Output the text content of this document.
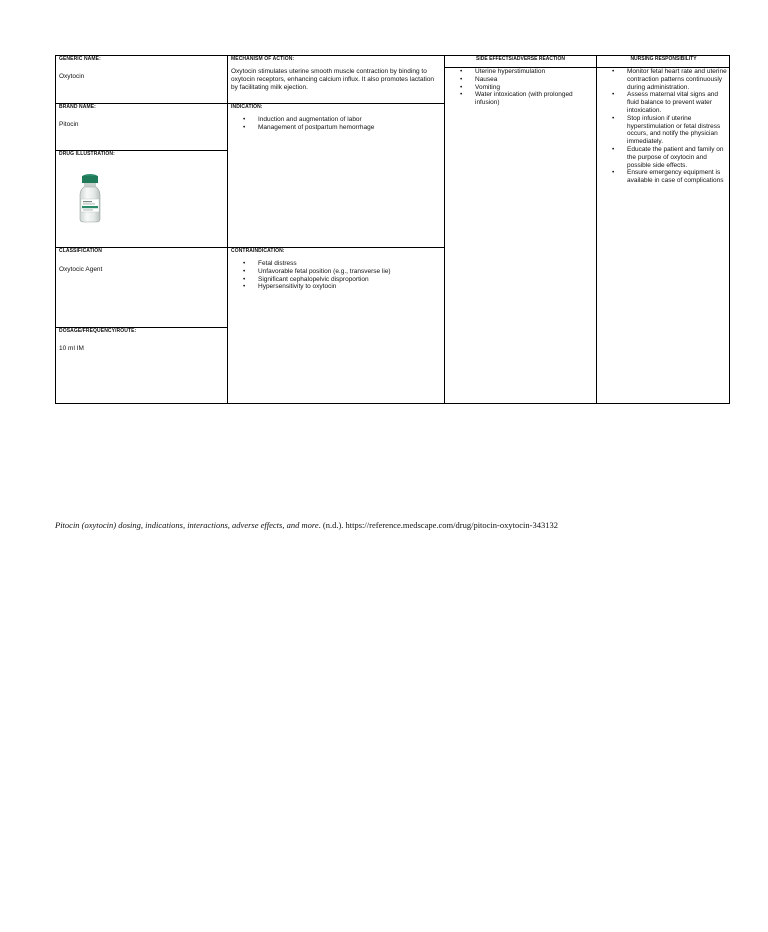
GENERIC NAME:
Oxytocin
BRAND NAME:
Pitocin
DRUG ILLUSTRATION:
CLASSIFICATION
Oxytocic Agent
DOSAGE/FREQUENCY/ROUTE:
10 ml IM
MECHANISM OF ACTION:
Oxytocin stimulates uterine smooth muscle contraction by binding to oxytocin receptors, enhancing calcium influx. It also promotes lactation by facilitating milk ejection.
INDICATION:
• Induction and augmentation of labor
• Management of postpartum hemorrhage
CONTRAINDICATION:
• Fetal distress
• Unfavorable fetal position (e.g., transverse lie)
• Significant cephalopelvic disproportion
• Hypersensitivity to oxytocin
SIDE EFFECTS/ADVERSE REACTION
• Uterine hyperstimulation
• Nausea
• Vomiting
• Water intoxication (with prolonged infusion)
NURSING RESPONSIBILITY
• Monitor fetal heart rate and uterine contraction patterns continuously during administration.
• Assess maternal vital signs and fluid balance to prevent water intoxication.
• Stop infusion if uterine hyperstimulation or fetal distress occurs, and notify the physician immediately.
• Educate the patient and family on the purpose of oxytocin and possible side effects.
• Ensure emergency equipment is available in case of complications
Pitocin (oxytocin) dosing, indications, interactions, adverse effects, and more. (n.d.). https://reference.medscape.com/drug/pitocin-oxytocin-343132
